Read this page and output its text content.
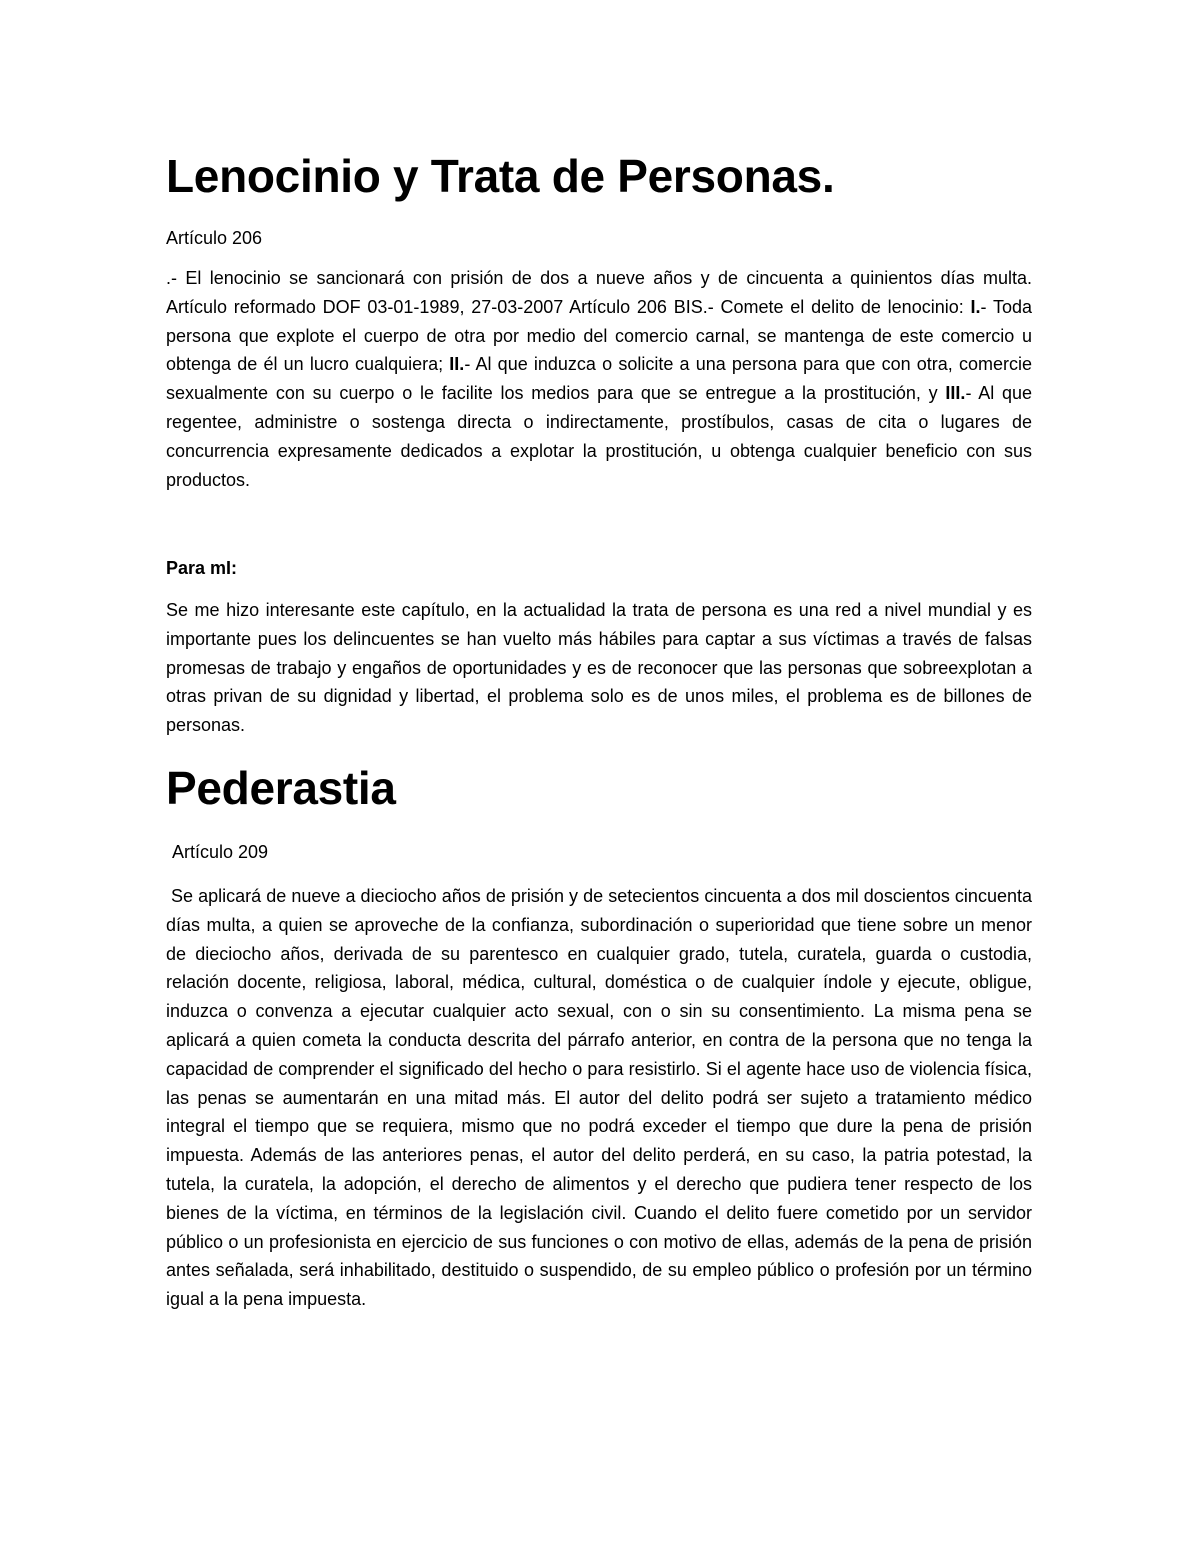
Lenocinio y Trata de Personas.
Artículo 206
.- El lenocinio se sancionará con prisión de dos a nueve años y de cincuenta a quinientos días multa. Artículo reformado DOF 03-01-1989, 27-03-2007 Artículo 206 BIS.- Comete el delito de lenocinio: I.- Toda persona que explote el cuerpo de otra por medio del comercio carnal, se mantenga de este comercio u obtenga de él un lucro cualquiera; II.- Al que induzca o solicite a una persona para que con otra, comercie sexualmente con su cuerpo o le facilite los medios para que se entregue a la prostitución, y III.- Al que regentee, administre o sostenga directa o indirectamente, prostíbulos, casas de cita o lugares de concurrencia expresamente dedicados a explotar la prostitución, u obtenga cualquier beneficio con sus productos.
Para mI:
Se me hizo interesante este capítulo, en la actualidad la trata de persona es una red a nivel mundial y es importante pues los delincuentes se han vuelto más hábiles para captar a sus víctimas a través de falsas promesas de trabajo y engaños de oportunidades y es de reconocer que las personas que sobreexplotan a otras privan de su dignidad y libertad, el problema solo es de unos miles, el problema es de billones de personas.
Pederastia
Artículo 209
Se aplicará de nueve a dieciocho años de prisión y de setecientos cincuenta a dos mil doscientos cincuenta días multa, a quien se aproveche de la confianza, subordinación o superioridad que tiene sobre un menor de dieciocho años, derivada de su parentesco en cualquier grado, tutela, curatela, guarda o custodia, relación docente, religiosa, laboral, médica, cultural, doméstica o de cualquier índole y ejecute, obligue, induzca o convenza a ejecutar cualquier acto sexual, con o sin su consentimiento. La misma pena se aplicará a quien cometa la conducta descrita del párrafo anterior, en contra de la persona que no tenga la capacidad de comprender el significado del hecho o para resistirlo. Si el agente hace uso de violencia física, las penas se aumentarán en una mitad más. El autor del delito podrá ser sujeto a tratamiento médico integral el tiempo que se requiera, mismo que no podrá exceder el tiempo que dure la pena de prisión impuesta. Además de las anteriores penas, el autor del delito perderá, en su caso, la patria potestad, la tutela, la curatela, la adopción, el derecho de alimentos y el derecho que pudiera tener respecto de los bienes de la víctima, en términos de la legislación civil. Cuando el delito fuere cometido por un servidor público o un profesionista en ejercicio de sus funciones o con motivo de ellas, además de la pena de prisión antes señalada, será inhabilitado, destituido o suspendido, de su empleo público o profesión por un término igual a la pena impuesta.
